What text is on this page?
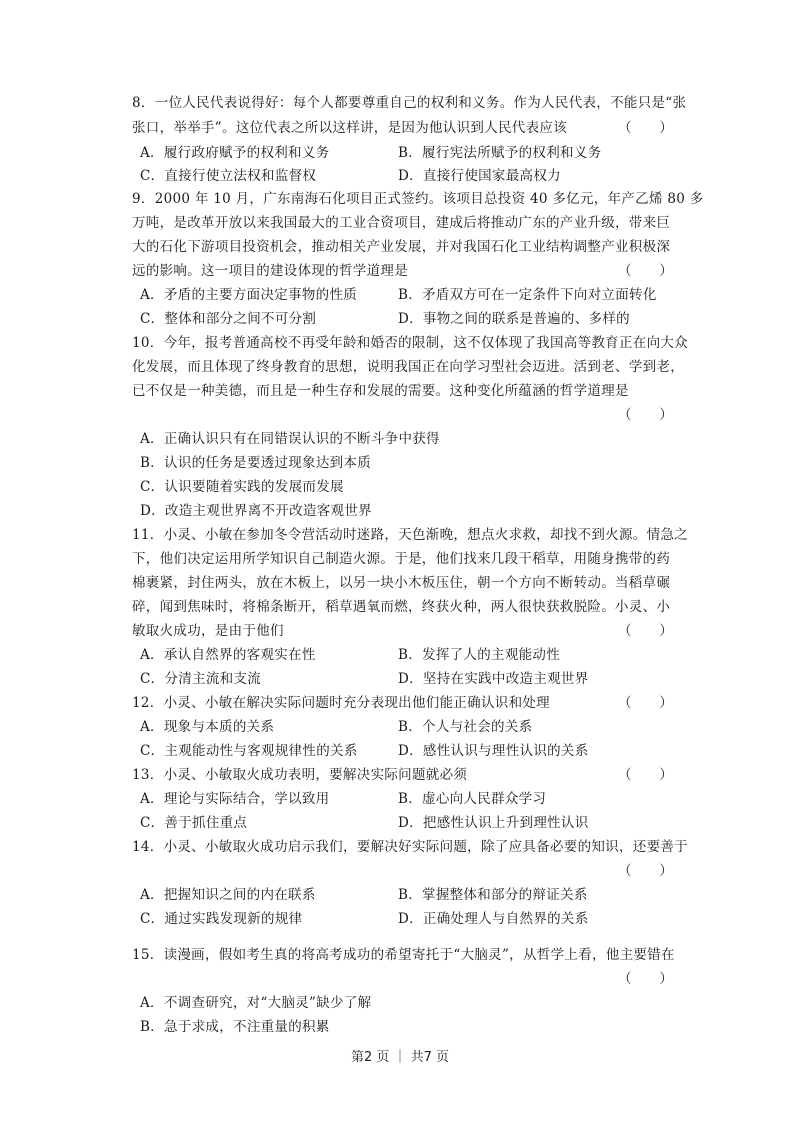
8．一位人民代表说得好：每个人都要尊重自己的权利和义务。作为人民代表，不能只是“张

张口，举举手”。这位代表之所以这样讲，是因为他认识到人民代表应该	（　　）

A．履行政府赋予的权利和义务	B．履行宪法所赋予的权利和义务

C．直接行使立法权和监督权	D．直接行使国家最高权力

9．2000 年 10 月，广东南海石化项目正式签约。该项目总投资 40 多亿元，年产乙烯 80 多

万吨，是改革开放以来我国最大的工业合资项目，建成后将推动广东的产业升级，带来巨

大的石化下游项目投资机会，推动相关产业发展，并对我国石化工业结构调整产业积极深

远的影响。这一项目的建设体现的哲学道理是	（　　）

A．矛盾的主要方面决定事物的性质	B．矛盾双方可在一定条件下向对立面转化

C．整体和部分之间不可分割	D．事物之间的联系是普遍的、多样的

10．今年，报考普通高校不再受年龄和婚否的限制，这不仅体现了我国高等教育正在向大众

化发展，而且体现了终身教育的思想，说明我国正在向学习型社会迈进。活到老、学到老，

已不仅是一种美德，而且是一种生存和发展的需要。这种变化所蕴涵的哲学道理是

（　　）

A．正确认识只有在同错误认识的不断斗争中获得

B．认识的任务是要透过现象达到本质

C．认识要随着实践的发展而发展

D．改造主观世界离不开改造客观世界

11．小灵、小敏在参加冬令营活动时迷路，天色渐晚，想点火求救，却找不到火源。情急之

下，他们决定运用所学知识自己制造火源。于是，他们找来几段干稻草，用随身携带的药

棉裹紧，封住两头，放在木板上，以另一块小木板压住，朝一个方向不断转动。当稻草碾

碎，闻到焦味时，将棉条断开，稻草遇氧而燃，终获火种，两人很快获救脱险。小灵、小

敏取火成功，是由于他们	（　　）

A．承认自然界的客观实在性	B．发挥了人的主观能动性

C．分清主流和支流	D．坚持在实践中改造主观世界

12．小灵、小敏在解决实际问题时充分表现出他们能正确认识和处理	（　　）

A．现象与本质的关系	B．个人与社会的关系

C．主观能动性与客观规律性的关系	D．感性认识与理性认识的关系

13．小灵、小敏取火成功表明，要解决实际问题就必须	（　　）

A．理论与实际结合，学以致用	B．虚心向人民群众学习

C．善于抓住重点	D．把感性认识上升到理性认识

14．小灵、小敏取火成功启示我们，要解决好实际问题，除了应具备必要的知识，还要善于

（　　）

A．把握知识之间的内在联系	B．掌握整体和部分的辩证关系

C．通过实践发现新的规律	D．正确处理人与自然界的关系

15．读漫画，假如考生真的将高考成功的希望寄托于“大脑灵”，从哲学上看，他主要错在

（　　）

A．不调查研究，对“大脑灵”缺少了解

B．急于求成，不注重量的积累

第2 页 ｜ 共7 页
